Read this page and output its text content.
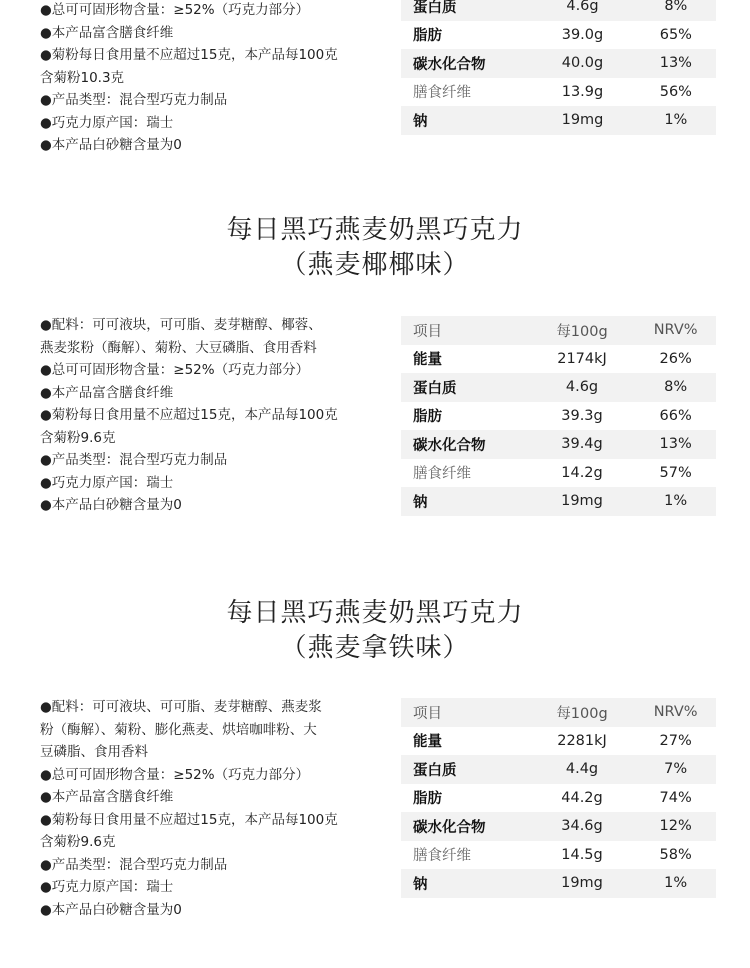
●总可可固形物含量：≥52%（巧克力部分）

●本产品富含膳食纤维

●菊粉每日食用量不应超过15克，本产品每100克

含菊粉10.3克

●产品类型：混合型巧克力制品

●巧克力原产国：瑞士

●本产品白砂糖含量为0

蛋白质	4.6g	8%
脂肪	39.0g	65%
碳水化合物	40.0g	13%
膳食纤维	13.9g	56%
钠	19mg	1%
每日黑巧燕麦奶黑巧克力
（燕麦椰椰味）

●配料：可可液块，可可脂、麦芽糖醇、椰蓉、

燕麦浆粉（酶解）、菊粉、大豆磷脂、食用香料

●总可可固形物含量：≥52%（巧克力部分）

●本产品富含膳食纤维

●菊粉每日食用量不应超过15克，本产品每100克

含菊粉9.6克

●产品类型：混合型巧克力制品

●巧克力原产国：瑞士

●本产品白砂糖含量为0

项目	每100g	NRV%
能量	2174kJ	26%
蛋白质	4.6g	8%
脂肪	39.3g	66%
碳水化合物	39.4g	13%
膳食纤维	14.2g	57%
钠	19mg	1%
每日黑巧燕麦奶黑巧克力
（燕麦拿铁味）

●配料：可可液块、可可脂、麦芽糖醇、燕麦浆

粉（酶解）、菊粉、膨化燕麦、烘培咖啡粉、大

豆磷脂、食用香料

●总可可固形物含量：≥52%（巧克力部分）

●本产品富含膳食纤维

●菊粉每日食用量不应超过15克，本产品每100克

含菊粉9.6克

●产品类型：混合型巧克力制品

●巧克力原产国：瑞士

●本产品白砂糖含量为0

项目	每100g	NRV%
能量	2281kJ	27%
蛋白质	4.4g	7%
脂肪	44.2g	74%
碳水化合物	34.6g	12%
膳食纤维	14.5g	58%
钠	19mg	1%
